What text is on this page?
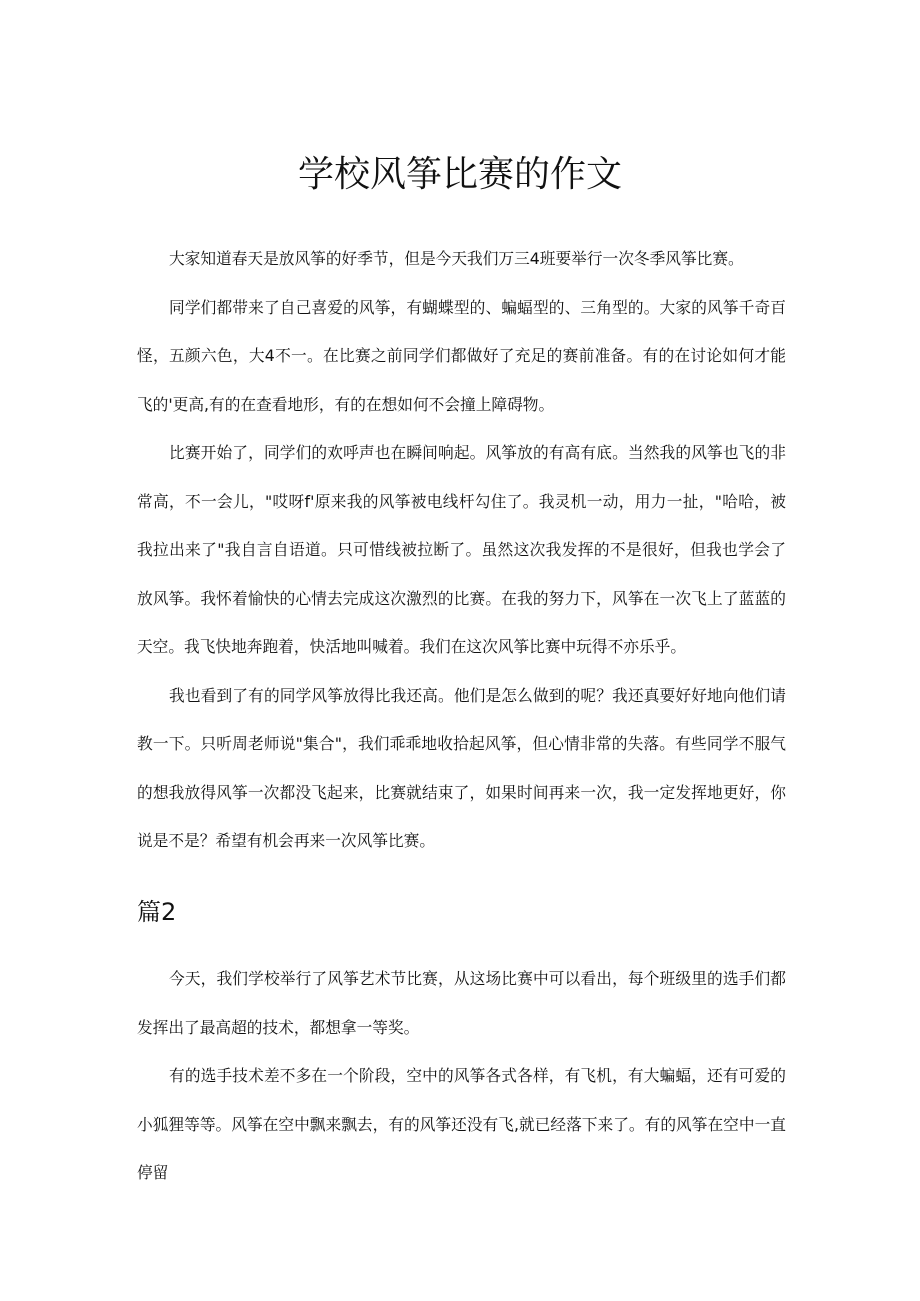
学校风筝比赛的作文

大家知道春天是放风筝的好季节，但是今天我们万三4班要举行一次冬季风筝比赛。

同学们都带来了自己喜爱的风筝，有蝴蝶型的、蝙蝠型的、三角型的。大家的风筝千奇百怪，五颜六色，大4不一。在比赛之前同学们都做好了充足的赛前准备。有的在讨论如何才能飞的'更高,有的在查看地形，有的在想如何不会撞上障碍物。

比赛开始了，同学们的欢呼声也在瞬间响起。风筝放的有高有底。当然我的风筝也飞的非常高，不一会儿，"哎呀f'原来我的风筝被电线杆勾住了。我灵机一动，用力一扯，"哈哈，被我拉出来了"我自言自语道。只可惜线被拉断了。虽然这次我发挥的不是很好，但我也学会了放风筝。我怀着愉快的心情去完成这次激烈的比赛。在我的努力下，风筝在一次飞上了蓝蓝的天空。我飞快地奔跑着，快活地叫喊着。我们在这次风筝比赛中玩得不亦乐乎。

我也看到了有的同学风筝放得比我还高。他们是怎么做到的呢？我还真要好好地向他们请教一下。只听周老师说"集合"，我们乖乖地收拾起风筝，但心情非常的失落。有些同学不服气的想我放得风筝一次都没飞起来，比赛就结束了，如果时间再来一次，我一定发挥地更好，你说是不是？希望有机会再来一次风筝比赛。

篇2

今天，我们学校举行了风筝艺术节比赛，从这场比赛中可以看出，每个班级里的选手们都发挥出了最高超的技术，都想拿一等奖。

有的选手技术差不多在一个阶段，空中的风筝各式各样，有飞机，有大蝙蝠，还有可爱的小狐狸等等。风筝在空中飘来飘去，有的风筝还没有飞,就已经落下来了。有的风筝在空中一直停留
